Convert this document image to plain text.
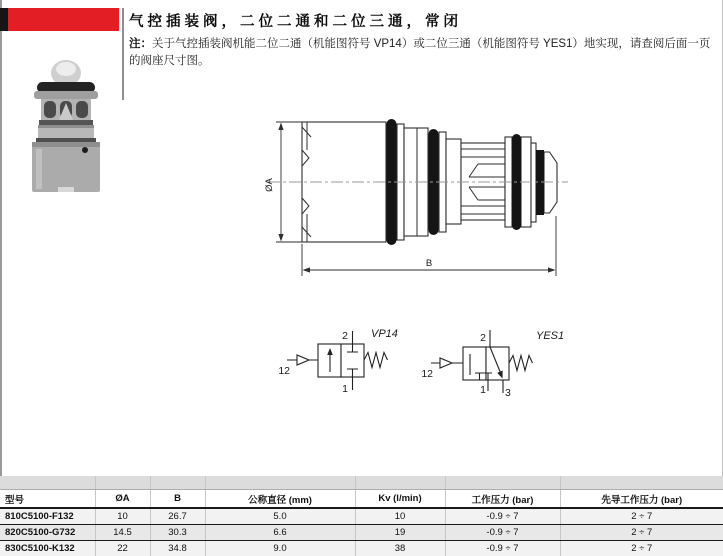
气控插装阀，二位二通和二位三通，常闭
注：关于气控插装阀机能二位二通（机能图符号 VP14）或二位三通（机能图符号 YES1）地实现，请查阅后面一页的阀座尺寸图。
ØA
B
12
2
1
VP14
12
2
1 3
YES1

型号	ØA	B	公称直径 (mm)	Kv (l/min)	工作压力 (bar)	先导工作压力 (bar)
810C5100-F132	10	26.7	5.0	10	-0.9 ÷ 7	2 ÷ 7
820C5100-G732	14.5	30.3	6.6	19	-0.9 ÷ 7	2 ÷ 7
830C5100-K132	22	34.8	9.0	38	-0.9 ÷ 7	2 ÷ 7
